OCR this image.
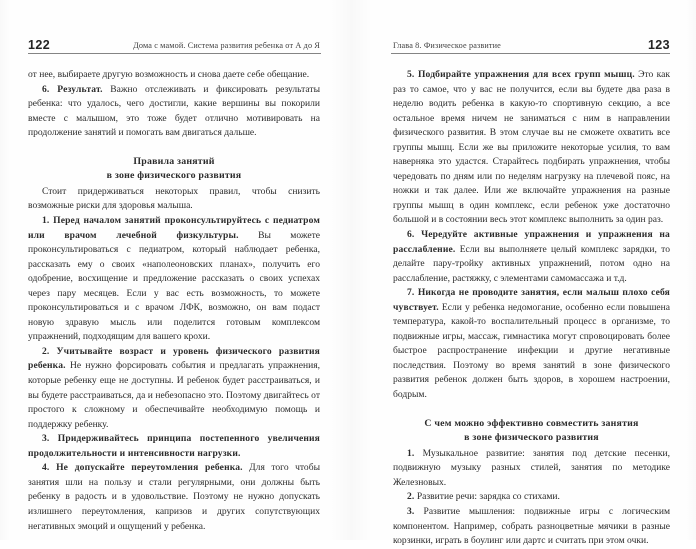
122	Дома с мамой. Система развития ребенка от А до Я

от нее, выбираете другую возможность и снова даете себе обещание.

6. Результат. Важно отслеживать и фиксировать результаты ребенка: что удалось, чего достигли, какие вершины вы покорили вместе с малышом, это тоже будет отлично мотивировать на продолжение занятий и помогать вам двигаться дальше.

Правила занятий
в зоне физического развития

Стоит придерживаться некоторых правил, чтобы снизить возможные риски для здоровья малыша.

1. Перед началом занятий проконсультируйтесь с педиатром или врачом лечебной физкультуры. Вы можете проконсультироваться с педиатром, который наблюдает ребенка, рассказать ему о своих «наполеоновских планах», получить его одобрение, восхищение и предложение рассказать о своих успехах через пару месяцев. Если у вас есть возможность, то можете проконсультироваться и с врачом ЛФК, возможно, он вам подаст новую здравую мысль или поделится готовым комплексом упражнений, подходящим для вашего крохи.

2. Учитывайте возраст и уровень физического развития ребенка. Не нужно форсировать события и предлагать упражнения, которые ребенку еще не доступны. И ребенок будет расстраиваться, и вы будете расстраиваться, да и небезопасно это. Поэтому двигайтесь от простого к сложному и обеспечивайте необходимую помощь и поддержку ребенку.

3. Придерживайтесь принципа постепенного увеличения продолжительности и интенсивности нагрузки.

4. Не допускайте переутомления ребенка. Для того чтобы занятия шли на пользу и стали регулярными, они должны быть ребенку в радость и в удовольствие. Поэтому не нужно допускать излишнего переутомления, капризов и других сопутствующих негативных эмоций и ощущений у ребенка.

Глава 8. Физическое развитие	123

5. Подбирайте упражнения для всех групп мышц. Это как раз то самое, что у вас не получится, если вы будете два раза в неделю водить ребенка в какую-то спортивную секцию, а все остальное время ничем не заниматься с ним в направлении физического развития. В этом случае вы не сможете охватить все группы мышц. Если же вы приложите некоторые усилия, то вам наверняка это удастся. Старайтесь подбирать упражнения, чтобы чередовать по дням или по неделям нагрузку на плечевой пояс, на ножки и так далее. Или же включайте упражнения на разные группы мышц в один комплекс, если ребенок уже достаточно большой и в состоянии весь этот комплекс выполнить за один раз.

6. Чередуйте активные упражнения и упражнения на расслабление. Если вы выполняете целый комплекс зарядки, то делайте пару-тройку активных упражнений, потом одно на расслабление, растяжку, с элементами самомассажа и т.д.

7. Никогда не проводите занятия, если малыш плохо себя чувствует. Если у ребенка недомогание, особенно если повышена температура, какой-то воспалительный процесс в организме, то подвижные игры, массаж, гимнастика могут спровоцировать более быстрое распространение инфекции и другие негативные последствия. Поэтому во время занятий в зоне физического развития ребенок должен быть здоров, в хорошем настроении, бодрым.

С чем можно эффективно совместить занятия
в зоне физического развития

1. Музыкальное развитие: занятия под детские песенки, подвижную музыку разных стилей, занятия по методике Железновых.

2. Развитие речи: зарядка со стихами.

3. Развитие мышления: подвижные игры с логическим компонентом. Например, собрать разноцветные мячики в разные корзинки, играть в боулинг или дартс и считать при этом очки.
